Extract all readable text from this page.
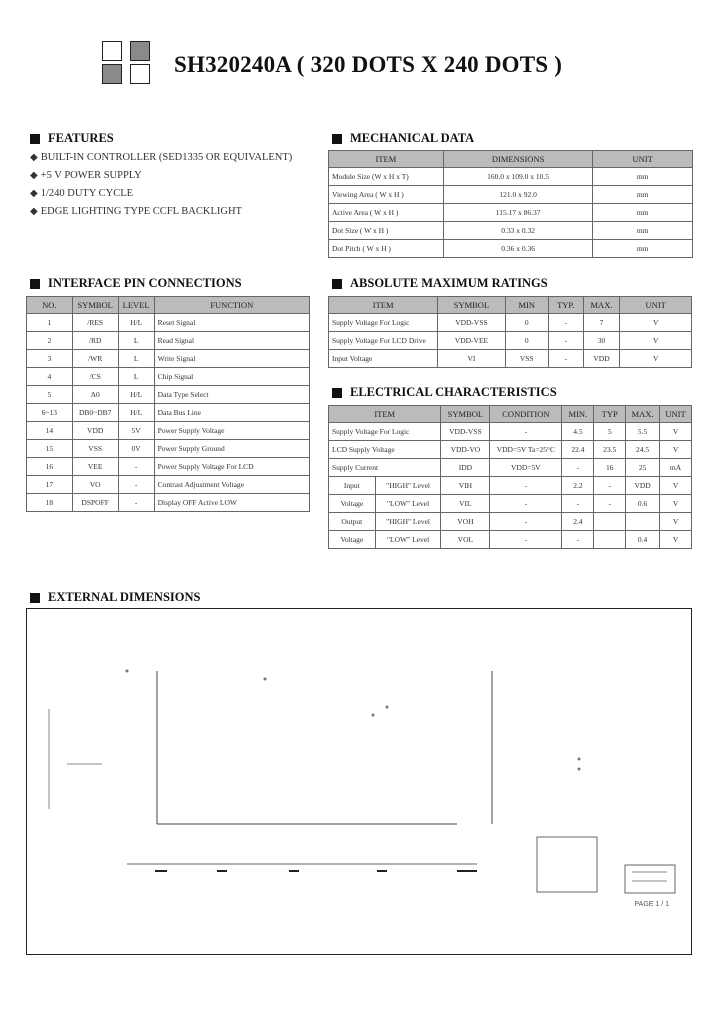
SH320240A ( 320 DOTS X 240 DOTS )
FEATURES
◆ BUILT-IN CONTROLLER (SED1335 OR EQUIVALENT)
◆ +5 V POWER SUPPLY
◆ 1/240 DUTY CYCLE
◆ EDGE LIGHTING TYPE CCFL BACKLIGHT
MECHANICAL DATA
ITEM	DIMENSIONS	UNIT
Module Size (W x H x T)	160.0 x 109.0 x 10.5	mm
Viewing Area ( W x H )	121.0 x 92.0	mm
Active Area ( W x H )	115.17 x 86.37	mm
Dot Size ( W x H )	0.33 x 0.32	mm
Dot Pitch ( W x H )	0.36 x 0.36	mm
INTERFACE PIN CONNECTIONS
NO.	SYMBOL	LEVEL	FUNCTION
1	/RES	H/L	Reset Signal
2	/RD	L	Read Signal
3	/WR	L	Write Signal
4	/CS	L	Chip Signal
5	A0	H/L	Data Type Select
6~13	DB0~DB7	H/L	Data Bus Line
14	VDD	5V	Power Supply Voltage
15	VSS	0V	Power Supply Ground
16	VEE	-	Power Supply Voltage For LCD
17	VO	-	Contrast Adjustment Voltage
18	DSPOFF	-	Display OFF Active LOW
ABSOLUTE MAXIMUM RATINGS
ITEM	SYMBOL	MIN	TYP.	MAX.	UNIT
Supply Voltage For Logic	VDD-VSS	0	-	7	V
Supply Voltage For LCD Drive	VDD-VEE	0	-	30	V
Input Voltage	VI	VSS	-	VDD	V
ELECTRICAL CHARACTERISTICS
ITEM		SYMBOL	CONDITION	MIN.	TYP	MAX.	UNIT
Supply Voltage For Logic		VDD-VSS	-	4.5	5	5.5	V
LCD Supply Voltage		VDD-VO	VDD=5V Ta=25°C	22.4	23.5	24.5	V
Supply Current		IDD	VDD=5V	-	16	25	mA
Input	"HIGH" Level	VIH	-	2.2	-	VDD	V
Voltage	"LOW" Level	VIL	-	-	-	0.6	V
Output	"HIGH" Level	VOH	-	2.4			V
Voltage	"LOW" Level	VOL	-	-		0.4	V
EXTERNAL DIMENSIONS
PAGE 1 / 1
